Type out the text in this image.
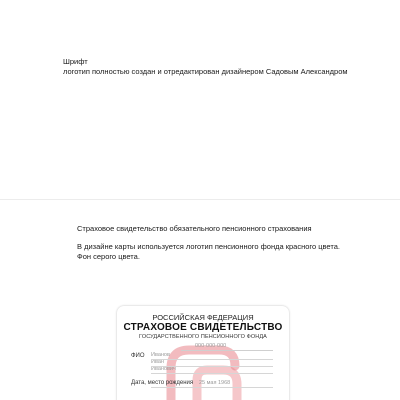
Шрифт
логотип полностью создан и отредактирован дизайнером Садовым Александром
Страховое свидетельство обязательного пенсионного страхования
В дизайне карты используется логотип пенсионного фонда красного цвета.
Фон серого цвета.
РОССИЙСКАЯ ФЕДЕРАЦИЯ
СТРАХОВОЕ СВИДЕТЕЛЬСТВО
ГОСУДАРСТВЕННОГО ПЕНСИОННОГО ФОНДА
000-000-000
ФИО Иванов
Иван
Иванович
Дата, место рождения 25 мая 1968
